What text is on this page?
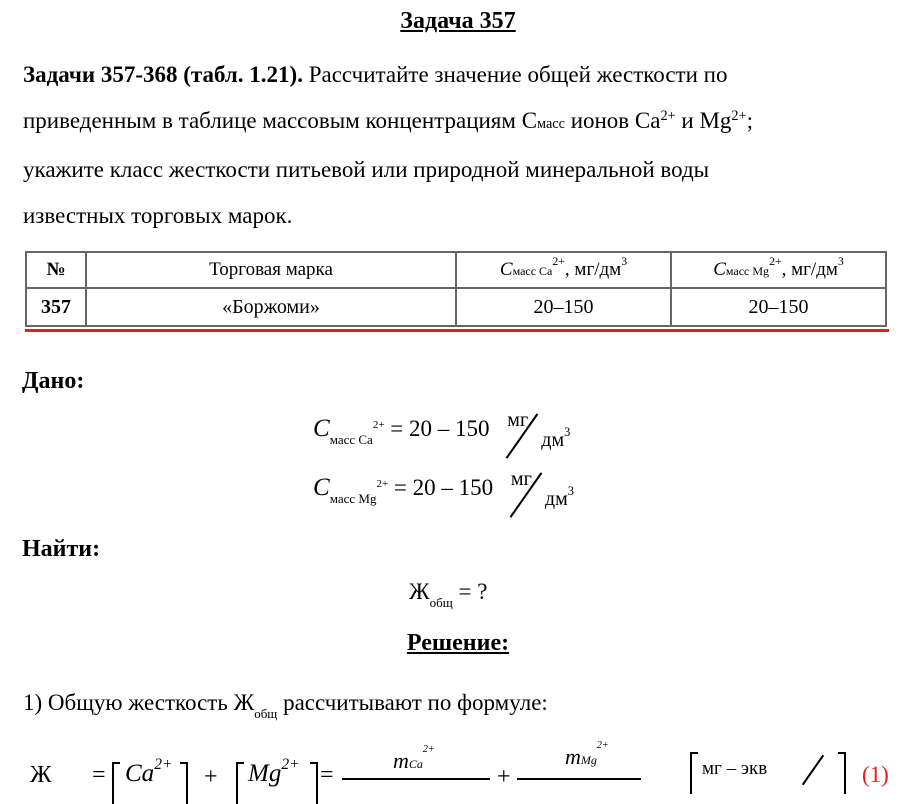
Задача 357
Задачи 357-368 (табл. 1.21). Рассчитайте значение общей жесткости по
приведенным в таблице массовым концентрациям Смасс ионов $Ca^{2+}$ и $Mg^{2+}$;
укажите класс жесткости питьевой или природной минеральной воды
известных торговых марок.
№	Торговая марка	Cмасс $Ca^{2+}$, $мг/дм^3$	Cмасс $Mg^{2+}$, $мг/дм^3$
357	«Боржоми»	20–150	20–150
Дано:
$C_{масс Ca}^{2+} = 20 - 150$ мг
$дм^3$
$C_{масс Mg}^{2+} = 20 - 150$ мг
$дм^3$
Найти:
$Ж_{общ}$ = ?
Решение:
1) Общую жесткость $Ж_{общ}$ рассчитывают по формуле:
$Ж = Ca^{2+} + Mg^{2+}$ =
mCa$^{2+}$
+
mMg$^{2+}$
мг – экв	(1)
